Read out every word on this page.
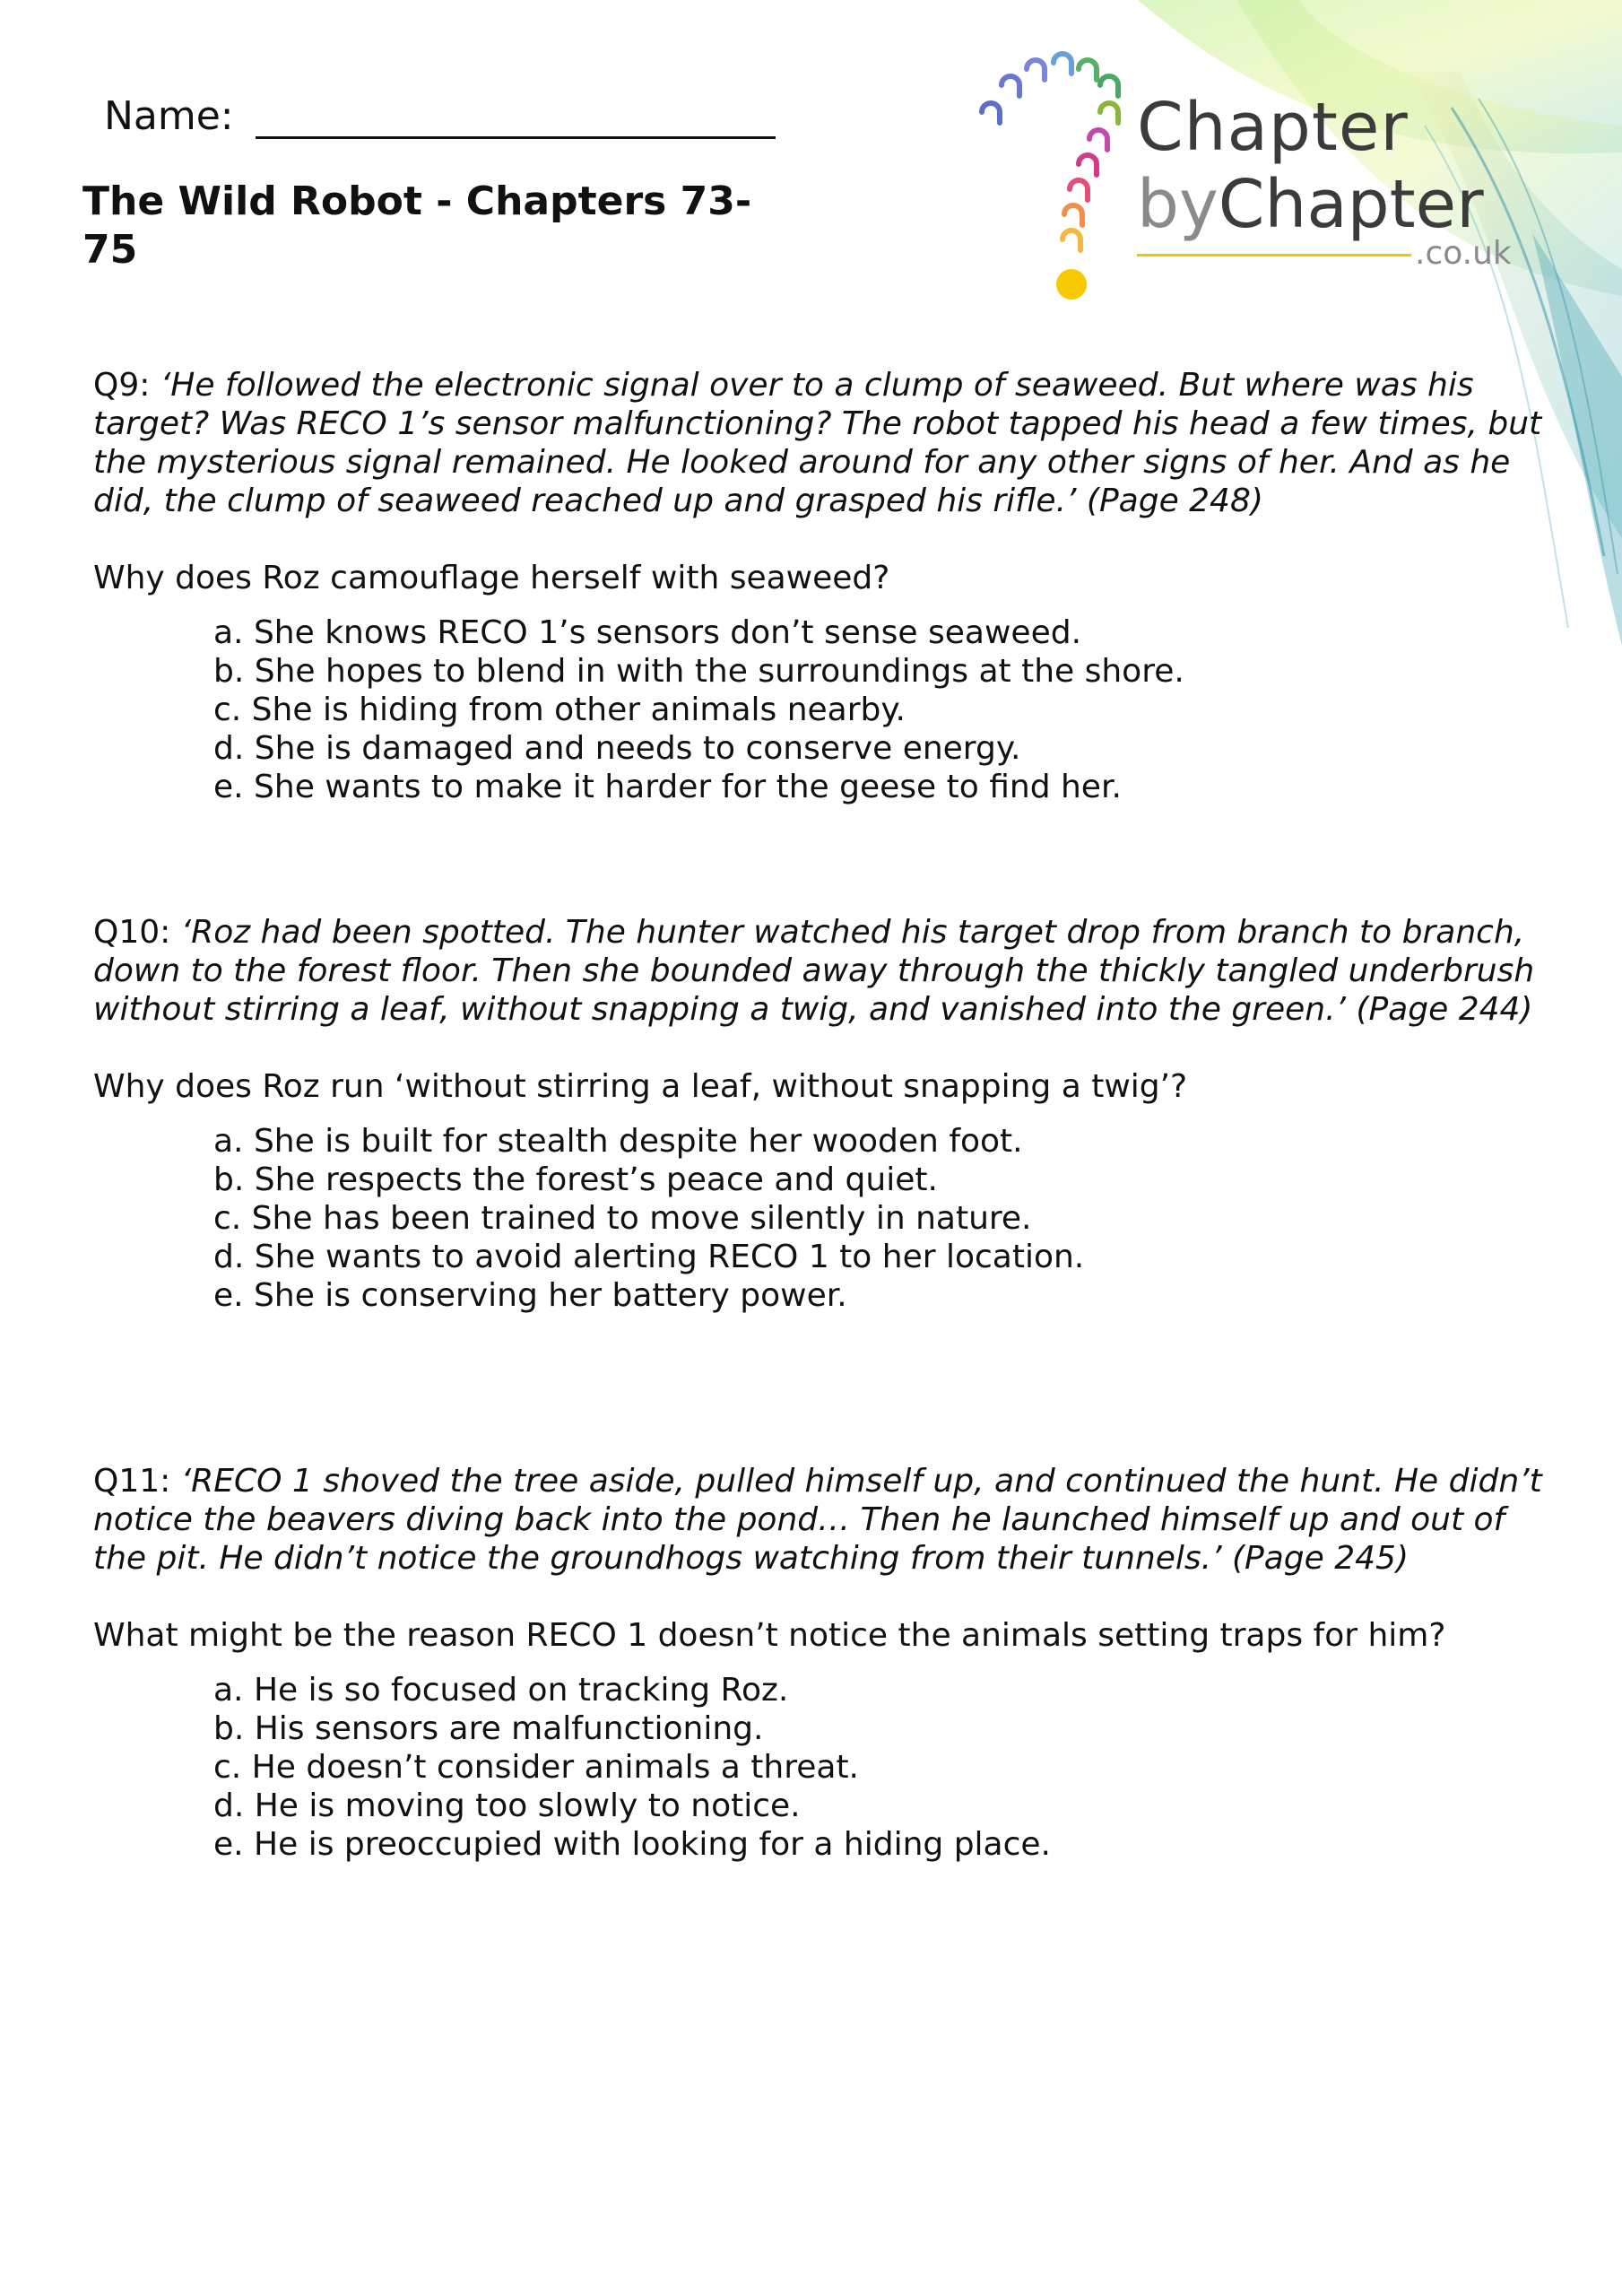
Name:
The Wild Robot - Chapters 73-75
Chapter
byChapter
.co.uk

Q9: ‘He followed the electronic signal over to a clump of seaweed. But where was his target? Was RECO 1’s sensor malfunctioning? The robot tapped his head a few times, but the mysterious signal remained. He looked around for any other signs of her. And as he did, the clump of seaweed reached up and grasped his rifle.’ (Page 248)

Why does Roz camouflage herself with seaweed?

a. She knows RECO 1’s sensors don’t sense seaweed.
b. She hopes to blend in with the surroundings at the shore.
c. She is hiding from other animals nearby.
d. She is damaged and needs to conserve energy.
e. She wants to make it harder for the geese to find her.

Q10: ‘Roz had been spotted. The hunter watched his target drop from branch to branch, down to the forest floor. Then she bounded away through the thickly tangled underbrush without stirring a leaf, without snapping a twig, and vanished into the green.’ (Page 244)

Why does Roz run ‘without stirring a leaf, without snapping a twig’?

a. She is built for stealth despite her wooden foot.
b. She respects the forest’s peace and quiet.
c. She has been trained to move silently in nature.
d. She wants to avoid alerting RECO 1 to her location.
e. She is conserving her battery power.

Q11: ‘RECO 1 shoved the tree aside, pulled himself up, and continued the hunt. He didn’t notice the beavers diving back into the pond… Then he launched himself up and out of the pit. He didn’t notice the groundhogs watching from their tunnels.’ (Page 245)

What might be the reason RECO 1 doesn’t notice the animals setting traps for him?

a. He is so focused on tracking Roz.
b. His sensors are malfunctioning.
c. He doesn’t consider animals a threat.
d. He is moving too slowly to notice.
e. He is preoccupied with looking for a hiding place.
